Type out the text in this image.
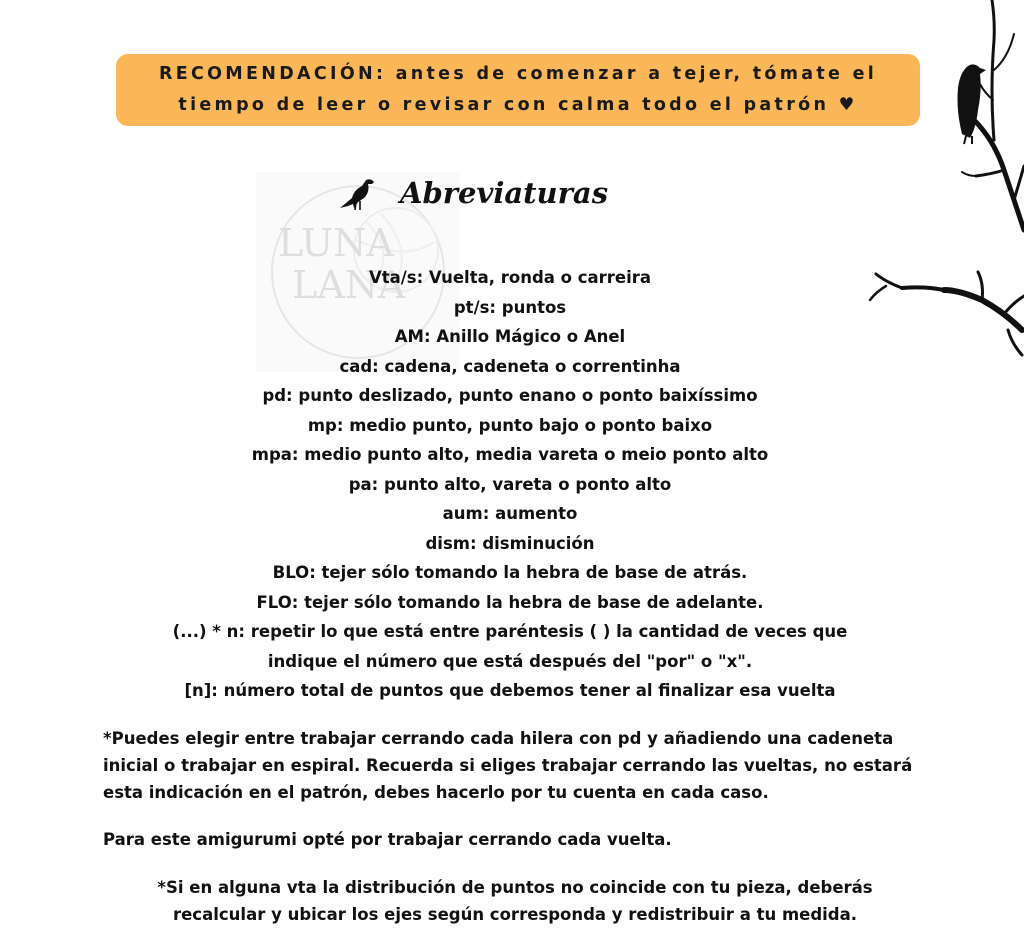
RECOMENDACIÓN: antes de comenzar a tejer, tómate el
tiempo de leer o revisar con calma todo el patrón ♥
LUNA
LANA
Abreviaturas
Vta/s: Vuelta, ronda o carreira
pt/s: puntos
AM: Anillo Mágico o Anel
cad: cadena, cadeneta o correntinha
pd: punto deslizado, punto enano o ponto baixíssimo
mp: medio punto, punto bajo o ponto baixo
mpa: medio punto alto, media vareta o meio ponto alto
pa: punto alto, vareta o ponto alto
aum: aumento
dism: disminución
BLO: tejer sólo tomando la hebra de base de atrás.
FLO: tejer sólo tomando la hebra de base de adelante.
(...) * n: repetir lo que está entre paréntesis ( ) la cantidad de veces que
indique el número que está después del "por" o "x".
[n]: número total de puntos que debemos tener al finalizar esa vuelta

*Puedes elegir entre trabajar cerrando cada hilera con pd y añadiendo una cadeneta inicial o trabajar en espiral. Recuerda si eliges trabajar cerrando las vueltas, no estará esta indicación en el patrón, debes hacerlo por tu cuenta en cada caso.

Para este amigurumi opté por trabajar cerrando cada vuelta.

*Si en alguna vta la distribución de puntos no coincide con tu pieza, deberás recalcular y ubicar los ejes según corresponda y redistribuir a tu medida.
